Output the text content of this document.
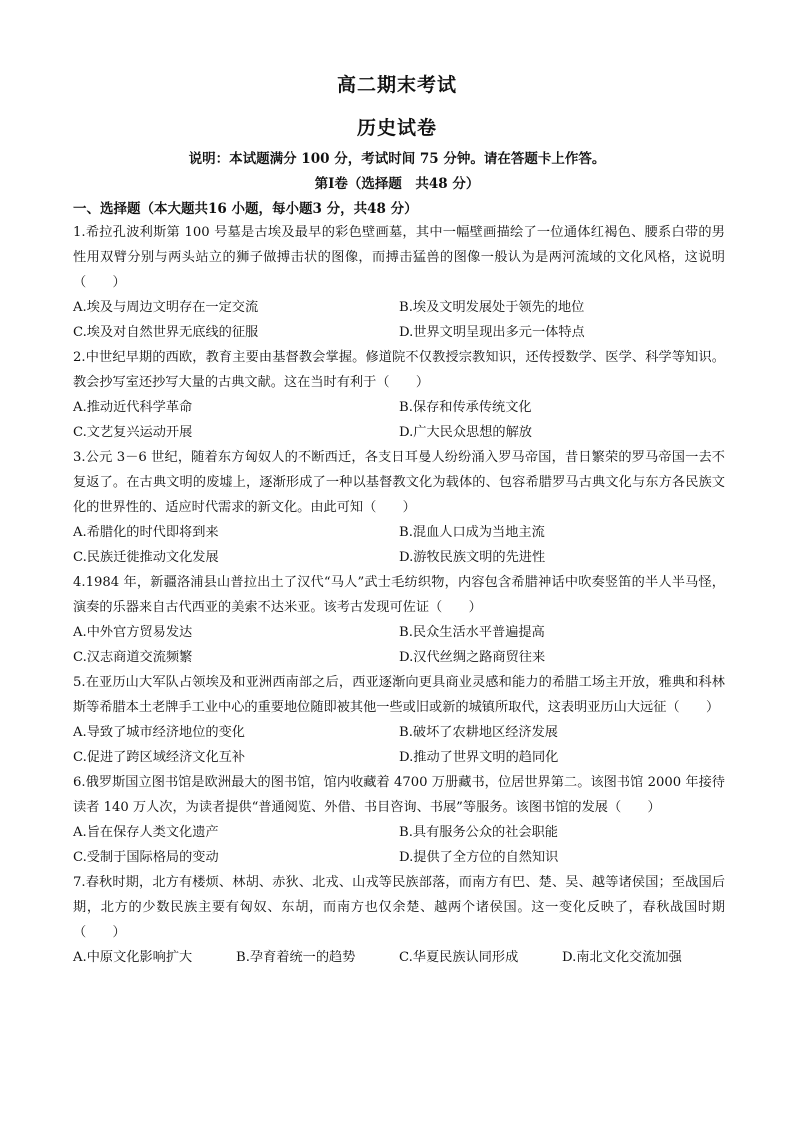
高二期末考试
历史试卷
说明：本试题满分 100 分，考试时间 75 分钟。请在答题卡上作答。
第Ⅰ卷（选择题　共48 分）
一、选择题（本大题共16 小题，每小题3 分，共48 分）
1.希拉孔波利斯第 100 号墓是古埃及最早的彩色壁画墓，其中一幅壁画描绘了一位通体红褐色、腰系白带的男性用双臂分别与两头站立的狮子做搏击状的图像，而搏击猛兽的图像一般认为是两河流域的文化风格，这说明（　　）
A.埃及与周边文明存在一定交流	B.埃及文明发展处于领先的地位
C.埃及对自然世界无底线的征服	D.世界文明呈现出多元一体特点
2.中世纪早期的西欧，教育主要由基督教会掌握。修道院不仅教授宗教知识，还传授数学、医学、科学等知识。教会抄写室还抄写大量的古典文献。这在当时有利于（　　）
A.推动近代科学革命	B.保存和传承传统文化
C.文艺复兴运动开展	D.广大民众思想的解放
3.公元 3－6 世纪，随着东方匈奴人的不断西迁，各支日耳曼人纷纷涌入罗马帝国，昔日繁荣的罗马帝国一去不复返了。在古典文明的废墟上，逐渐形成了一种以基督教文化为载体的、包容希腊罗马古典文化与东方各民族文化的世界性的、适应时代需求的新文化。由此可知（　　）
A.希腊化的时代即将到来	B.混血人口成为当地主流
C.民族迁徙推动文化发展	D.游牧民族文明的先进性
4.1984 年，新疆洛浦县山普拉出土了汉代“马人”武士毛纺织物，内容包含希腊神话中吹奏竖笛的半人半马怪，演奏的乐器来自古代西亚的美索不达米亚。该考古发现可佐证（　　）
A.中外官方贸易发达	B.民众生活水平普遍提高
C.汉志商道交流频繁	D.汉代丝绸之路商贸往来
5.在亚历山大军队占领埃及和亚洲西南部之后，西亚逐渐向更具商业灵感和能力的希腊工场主开放，雅典和科林斯等希腊本土老牌手工业中心的重要地位随即被其他一些或旧或新的城镇所取代，这表明亚历山大远征（　　）
A.导致了城市经济地位的变化	B.破坏了农耕地区经济发展
C.促进了跨区域经济文化互补	D.推动了世界文明的趋同化
6.俄罗斯国立图书馆是欧洲最大的图书馆，馆内收藏着 4700 万册藏书，位居世界第二。该图书馆 2000 年接待读者 140 万人次，为读者提供“普通阅览、外借、书目咨询、书展”等服务。该图书馆的发展（　　）
A.旨在保存人类文化遗产	B.具有服务公众的社会职能
C.受制于国际格局的变动	D.提供了全方位的自然知识
7.春秋时期，北方有楼烦、林胡、赤狄、北戎、山戎等民族部落，而南方有巴、楚、吴、越等诸侯国；至战国后期，北方的少数民族主要有匈奴、东胡，而南方也仅余楚、越两个诸侯国。这一变化反映了，春秋战国时期（　　）
A.中原文化影响扩大	B.孕育着统一的趋势	C.华夏民族认同形成	D.南北文化交流加强
